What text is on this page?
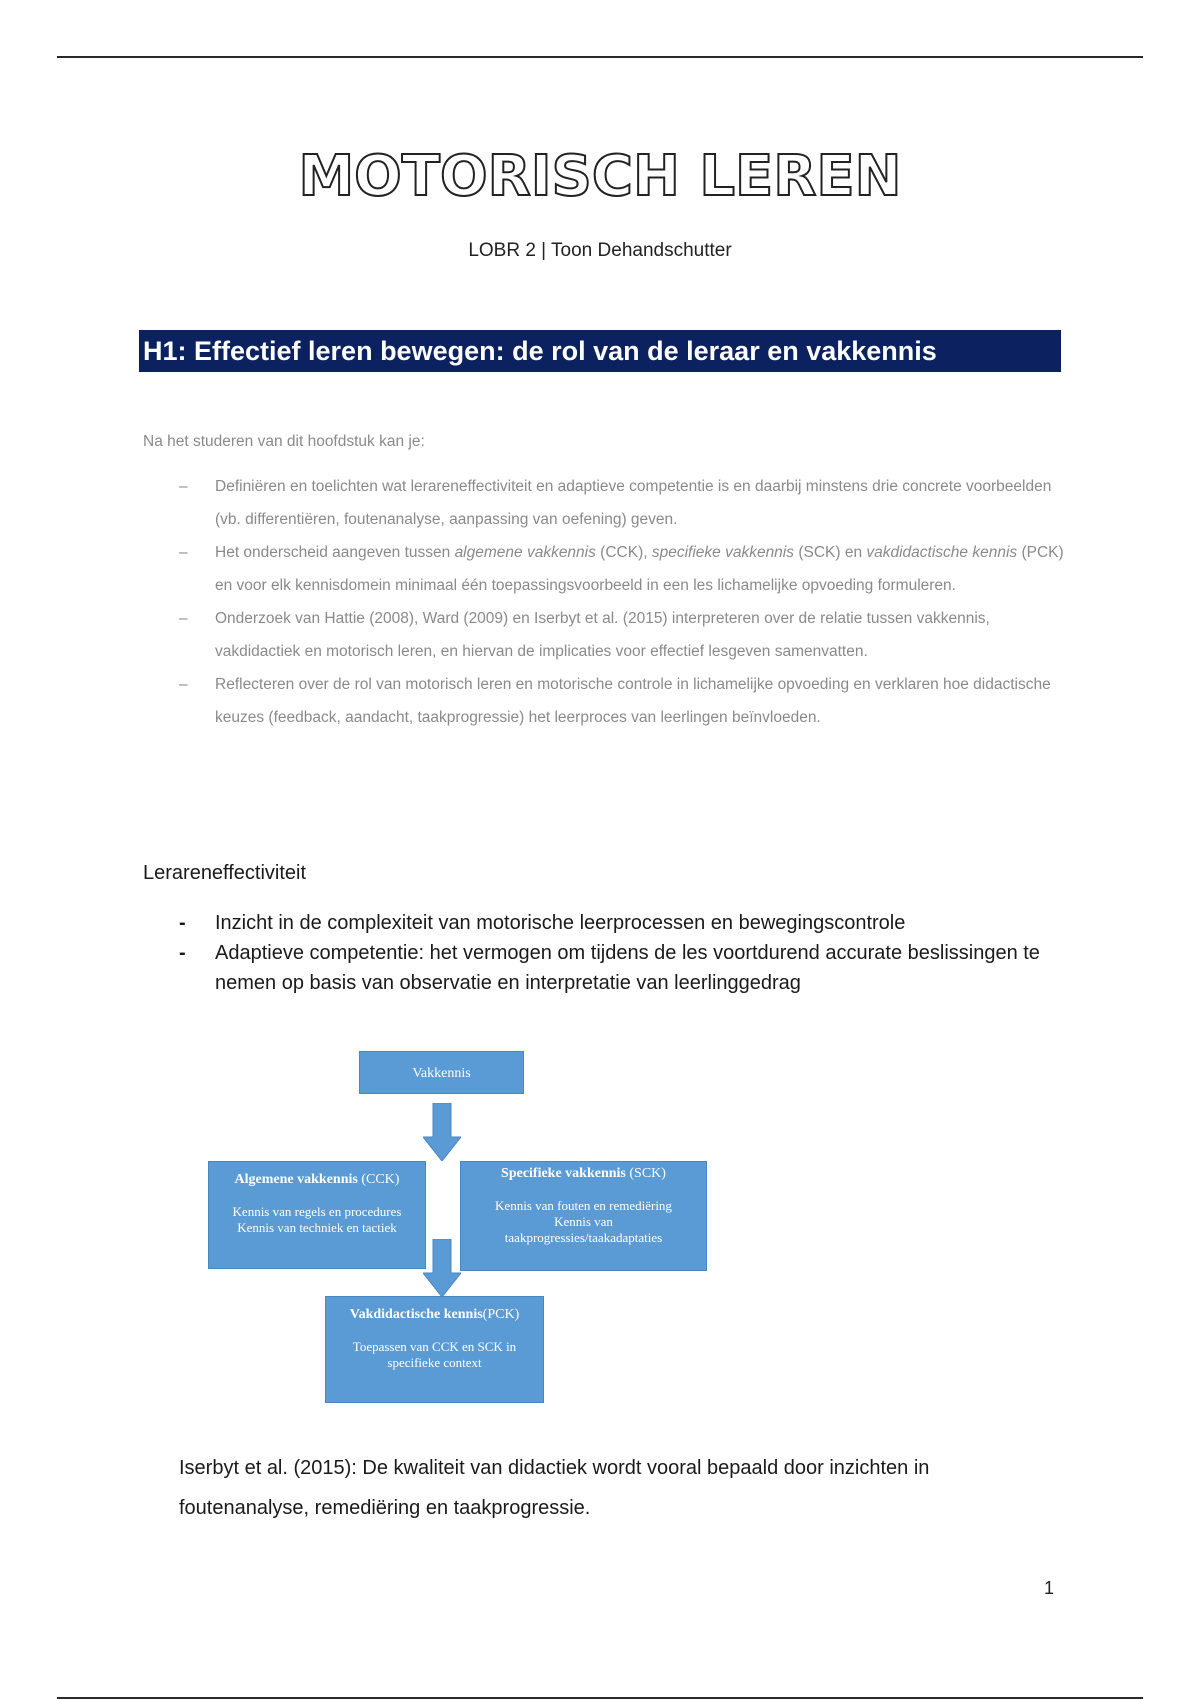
MOTORISCH LEREN
LOBR 2 | Toon Dehandschutter
H1: Effectief leren bewegen: de rol van de leraar en vakkennis
Na het studeren van dit hoofdstuk kan je:
– Definiëren en toelichten wat lerareneffectiviteit en adaptieve competentie is en daarbij minstens drie concrete voorbeelden (vb. differentiëren, foutenanalyse, aanpassing van oefening) geven.
– Het onderscheid aangeven tussen algemene vakkennis (CCK), specifieke vakkennis (SCK) en vakdidactische kennis (PCK) en voor elk kennisdomein minimaal één toepassingsvoorbeeld in een les lichamelijke opvoeding formuleren.
– Onderzoek van Hattie (2008), Ward (2009) en Iserbyt et al. (2015) interpreteren over de relatie tussen vakkennis, vakdidactiek en motorisch leren, en hiervan de implicaties voor effectief lesgeven samenvatten.
– Reflecteren over de rol van motorisch leren en motorische controle in lichamelijke opvoeding en verklaren hoe didactische keuzes (feedback, aandacht, taakprogressie) het leerproces van leerlingen beïnvloeden.
Lerareneffectiviteit
- Inzicht in de complexiteit van motorische leerprocessen en bewegingscontrole
- Adaptieve competentie: het vermogen om tijdens de les voortdurend accurate beslissingen te nemen op basis van observatie en interpretatie van leerlinggedrag
Vakkennis
Algemene vakkennis (CCK)
Kennis van regels en procedures
Kennis van techniek en tactiek
Specifieke vakkennis (SCK)
Kennis van fouten en remediëring
Kennis van
taakprogressies/taakadaptaties
Vakdidactische kennis(PCK)
Toepassen van CCK en SCK in
specifieke context
Iserbyt et al. (2015): De kwaliteit van didactiek wordt vooral bepaald door inzichten in
foutenanalyse, remediëring en taakprogressie.
1
